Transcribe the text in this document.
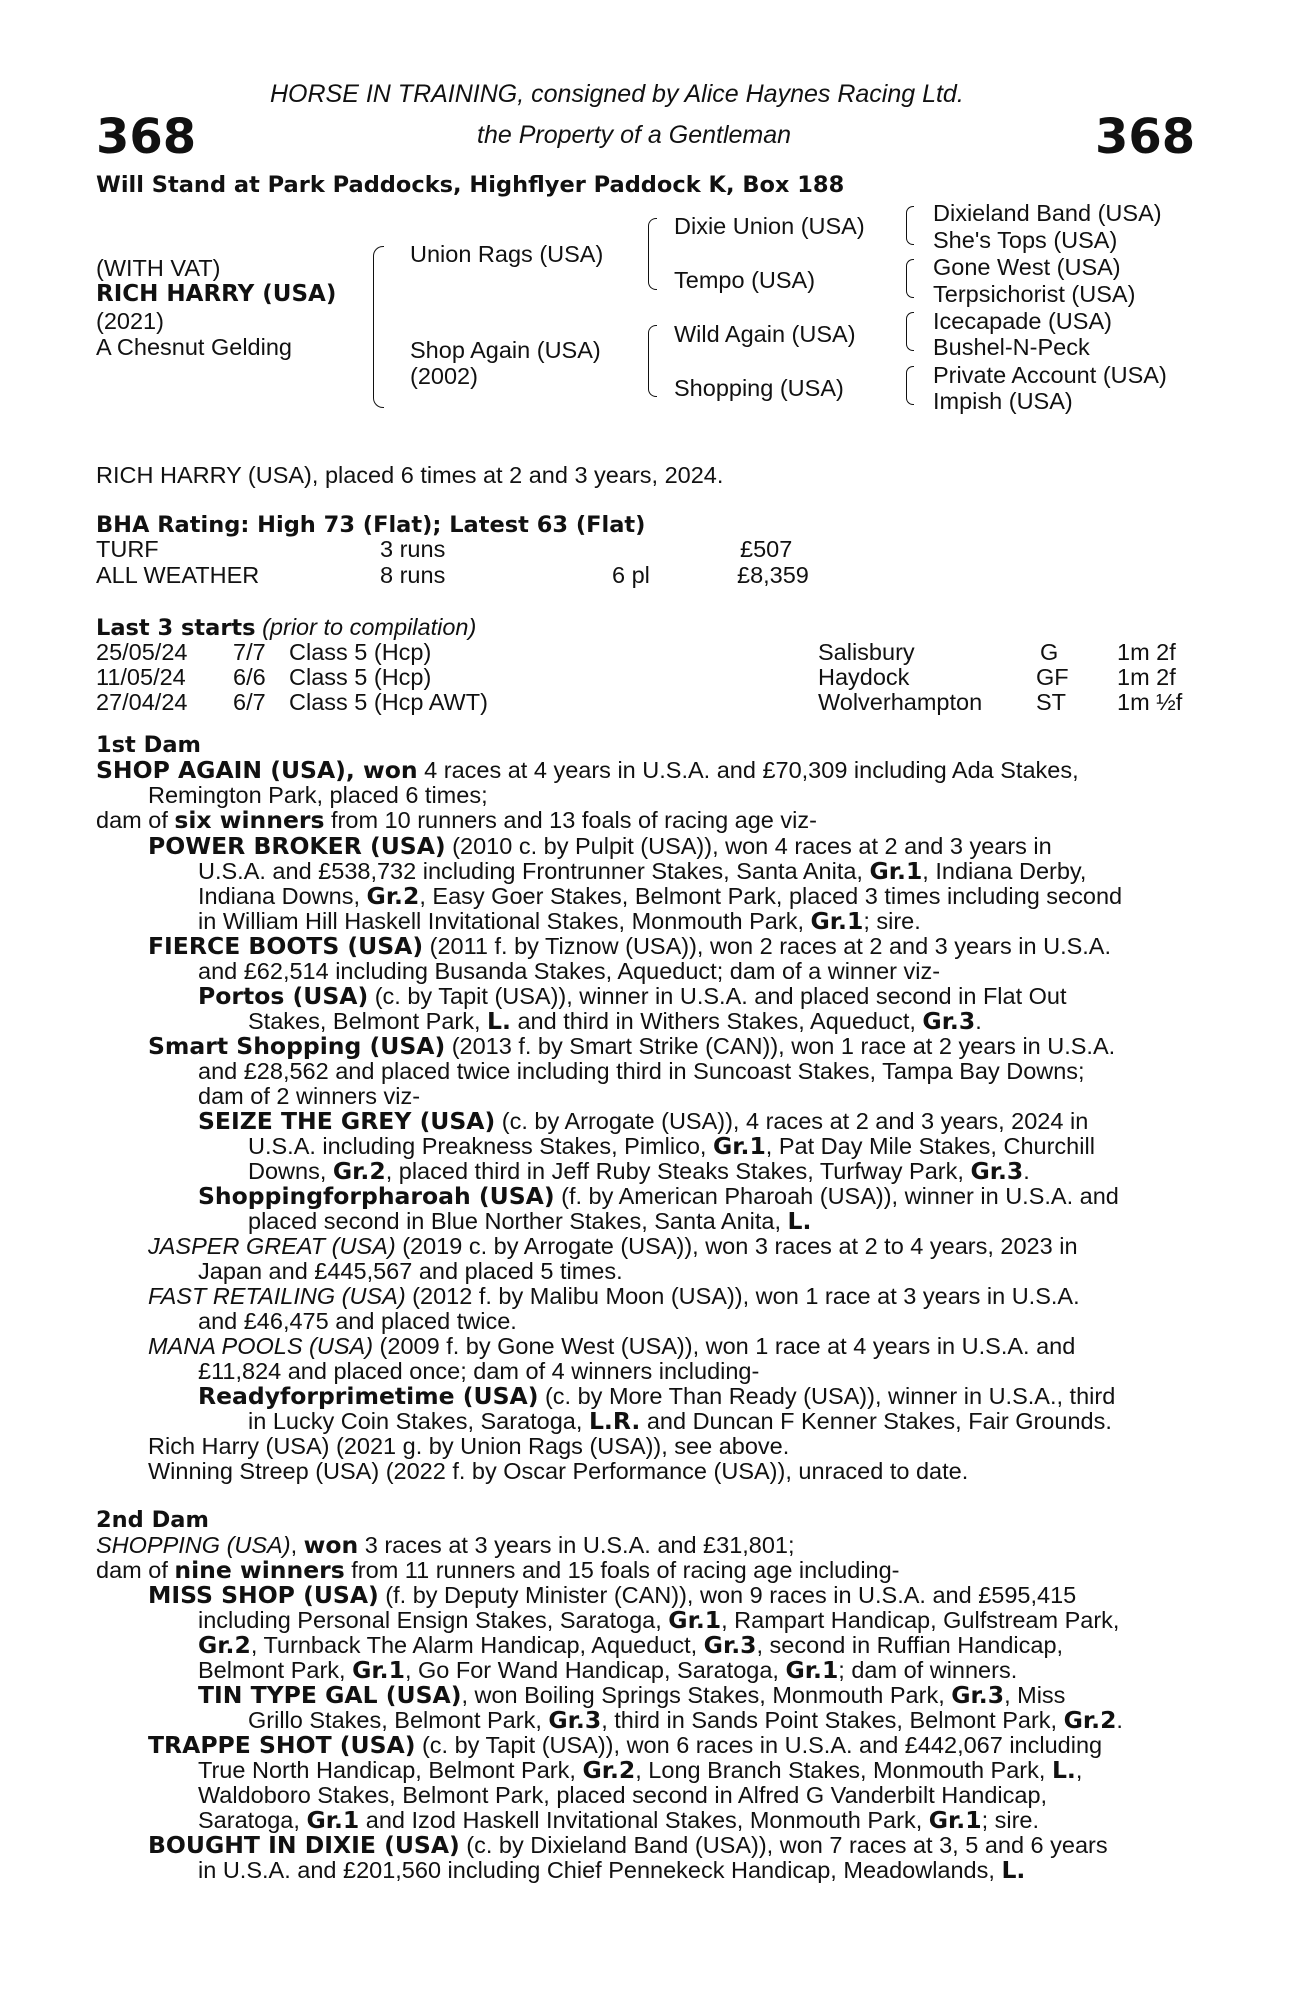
368	368
HORSE IN TRAINING, consigned by Alice Haynes Racing Ltd.
the Property of a Gentleman
Will Stand at Park Paddocks, Highflyer Paddock K, Box 188
(WITH VAT)
RICH HARRY (USA)
(2021)
A Chesnut Gelding
Union Rags (USA)
Shop Again (USA)
(2002)
Dixie Union (USA)
Tempo (USA)
Wild Again (USA)
Shopping (USA)
Dixieland Band (USA)
She's Tops (USA)
Gone West (USA)
Terpsichorist (USA)
Icecapade (USA)
Bushel-N-Peck
Private Account (USA)
Impish (USA)
RICH HARRY (USA), placed 6 times at 2 and 3 years, 2024.
BHA Rating: High 73 (Flat); Latest 63 (Flat)
TURF	3 runs	£507
ALL WEATHER	8 runs	6 pl	£8,359
Last 3 starts (prior to compilation)
25/05/24 7/7 Class 5 (Hcp)	Salisbury	G 1m 2f
11/05/24 6/6 Class 5 (Hcp)	Haydock	GF 1m 2f
27/04/24 6/7 Class 5 (Hcp AWT)	Wolverhampton ST 1m ½f
1st Dam
SHOP AGAIN (USA), won 4 races at 4 years in U.S.A. and £70,309 including Ada Stakes,
Remington Park, placed 6 times;
dam of six winners from 10 runners and 13 foals of racing age viz-
POWER BROKER (USA) (2010 c. by Pulpit (USA)), won 4 races at 2 and 3 years in
U.S.A. and £538,732 including Frontrunner Stakes, Santa Anita, Gr.1, Indiana Derby,
Indiana Downs, Gr.2, Easy Goer Stakes, Belmont Park, placed 3 times including second
in William Hill Haskell Invitational Stakes, Monmouth Park, Gr.1; sire.
FIERCE BOOTS (USA) (2011 f. by Tiznow (USA)), won 2 races at 2 and 3 years in U.S.A.
and £62,514 including Busanda Stakes, Aqueduct; dam of a winner viz-
Portos (USA) (c. by Tapit (USA)), winner in U.S.A. and placed second in Flat Out
Stakes, Belmont Park, L. and third in Withers Stakes, Aqueduct, Gr.3.
Smart Shopping (USA) (2013 f. by Smart Strike (CAN)), won 1 race at 2 years in U.S.A.
and £28,562 and placed twice including third in Suncoast Stakes, Tampa Bay Downs;
dam of 2 winners viz-
SEIZE THE GREY (USA) (c. by Arrogate (USA)), 4 races at 2 and 3 years, 2024 in
U.S.A. including Preakness Stakes, Pimlico, Gr.1, Pat Day Mile Stakes, Churchill
Downs, Gr.2, placed third in Jeff Ruby Steaks Stakes, Turfway Park, Gr.3.
Shoppingforpharoah (USA) (f. by American Pharoah (USA)), winner in U.S.A. and
placed second in Blue Norther Stakes, Santa Anita, L.
JASPER GREAT (USA) (2019 c. by Arrogate (USA)), won 3 races at 2 to 4 years, 2023 in
Japan and £445,567 and placed 5 times.
FAST RETAILING (USA) (2012 f. by Malibu Moon (USA)), won 1 race at 3 years in U.S.A.
and £46,475 and placed twice.
MANA POOLS (USA) (2009 f. by Gone West (USA)), won 1 race at 4 years in U.S.A. and
£11,824 and placed once; dam of 4 winners including-
Readyforprimetime (USA) (c. by More Than Ready (USA)), winner in U.S.A., third
in Lucky Coin Stakes, Saratoga, L.R. and Duncan F Kenner Stakes, Fair Grounds.
Rich Harry (USA) (2021 g. by Union Rags (USA)), see above.
Winning Streep (USA) (2022 f. by Oscar Performance (USA)), unraced to date.
2nd Dam
SHOPPING (USA), won 3 races at 3 years in U.S.A. and £31,801;
dam of nine winners from 11 runners and 15 foals of racing age including-
MISS SHOP (USA) (f. by Deputy Minister (CAN)), won 9 races in U.S.A. and £595,415
including Personal Ensign Stakes, Saratoga, Gr.1, Rampart Handicap, Gulfstream Park,
Gr.2, Turnback The Alarm Handicap, Aqueduct, Gr.3, second in Ruffian Handicap,
Belmont Park, Gr.1, Go For Wand Handicap, Saratoga, Gr.1; dam of winners.
TIN TYPE GAL (USA), won Boiling Springs Stakes, Monmouth Park, Gr.3, Miss
Grillo Stakes, Belmont Park, Gr.3, third in Sands Point Stakes, Belmont Park, Gr.2.
TRAPPE SHOT (USA) (c. by Tapit (USA)), won 6 races in U.S.A. and £442,067 including
True North Handicap, Belmont Park, Gr.2, Long Branch Stakes, Monmouth Park, L.,
Waldoboro Stakes, Belmont Park, placed second in Alfred G Vanderbilt Handicap,
Saratoga, Gr.1 and Izod Haskell Invitational Stakes, Monmouth Park, Gr.1; sire.
BOUGHT IN DIXIE (USA) (c. by Dixieland Band (USA)), won 7 races at 3, 5 and 6 years
in U.S.A. and £201,560 including Chief Pennekeck Handicap, Meadowlands, L.
